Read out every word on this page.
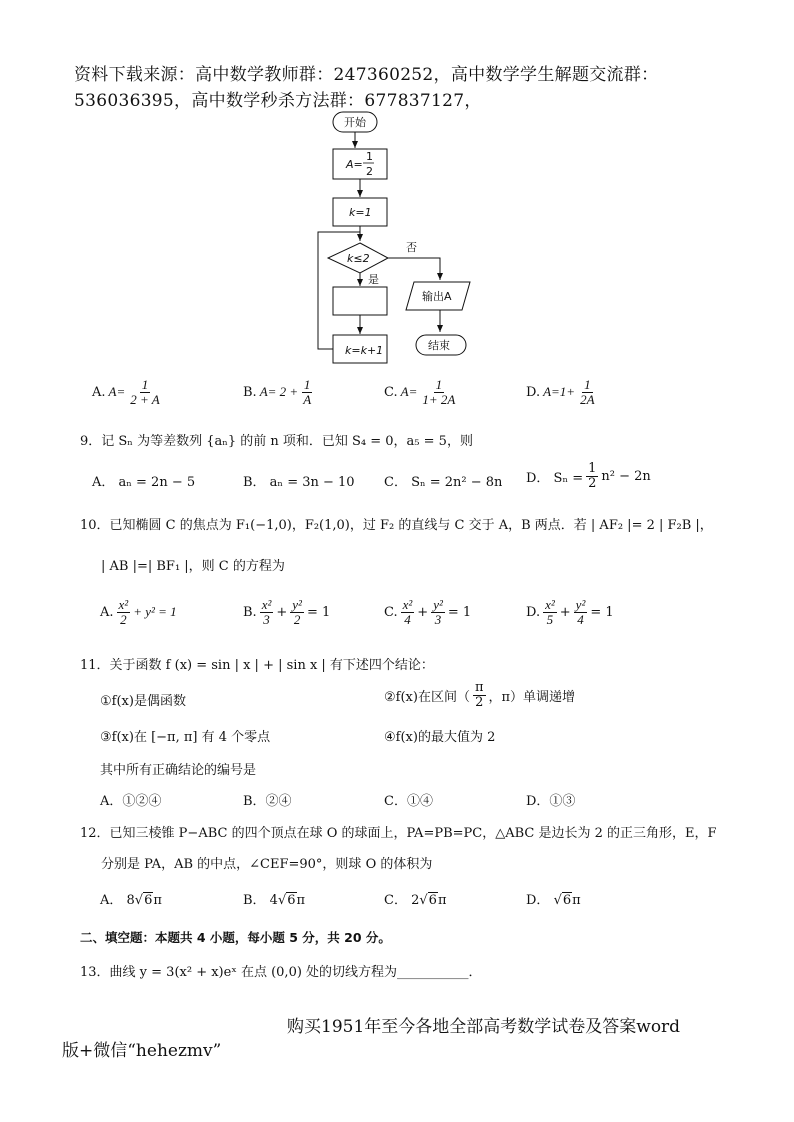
资料下载来源：高中数学教师群：247360252，高中数学学生解题交流群：
536036395，高中数学秒杀方法群：677837127，
开始
A=
1
2
k=1
k≤2
是
否
输出A
k=k+1	结束
A. $A= \frac{1}{2 + A}$	B. $A= 2 + \frac{1}{A}$	C. $A= \frac{1}{1+ 2A}$	D. $A=1+ \frac{1}{2A}$
9．记 Sₙ 为等差数列 {aₙ} 的前 n 项和．已知 S₄ = 0，a₅ = 5，则
A． aₙ = 2n − 5	B． aₙ = 3n − 10 C． Sₙ = 2n² − 8n D． $S_n = \frac{1}{2} n^2 - 2n$
10．已知椭圆 C 的焦点为 F₁(−1,0)，F₂(1,0)，过 F₂ 的直线与 C 交于 A，B 两点．若 | AF₂ |= 2 | F₂B |，
| AB |=| BF₁ |，则 C 的方程为
A. $\frac{\text{x²}}{2} + y^2 = 1$	B. $\frac{\text{x²}}{3} + \frac{\text{y²}}{2} = 1$	C. $\frac{\text{x²}}{4} + \frac{\text{y²}}{3} = 1$	D. $\frac{\text{x²}}{5} + \frac{\text{y²}}{4} = 1$
11．关于函数 f (x) = sin | x | + | sin x | 有下述四个结论：
①f(x)是偶函数	②f(x)在区间（ $\frac{\pi}{2}$ ，π）单调递增
③f(x)在 [−π, π] 有 4 个零点	④f(x)的最大值为 2
其中所有正确结论的编号是
A．①②④	B．②④	C．①④	D．①③
12．已知三棱锥 P−ABC 的四个顶点在球 O 的球面上，PA=PB=PC，△ABC 是边长为 2 的正三角形，E，F
分别是 PA，AB 的中点，∠CEF=90°，则球 O 的体积为
A． 8√6π	B． 4√6π	C． 2√6π	D． √6π
二、填空题：本题共 4 小题，每小题 5 分，共 20 分。
13．曲线 y = 3(x² + x)eˣ 在点 (0,0) 处的切线方程为___________．
购买1951年至今各地全部高考数学试卷及答案word
版+微信“hehezmv”
